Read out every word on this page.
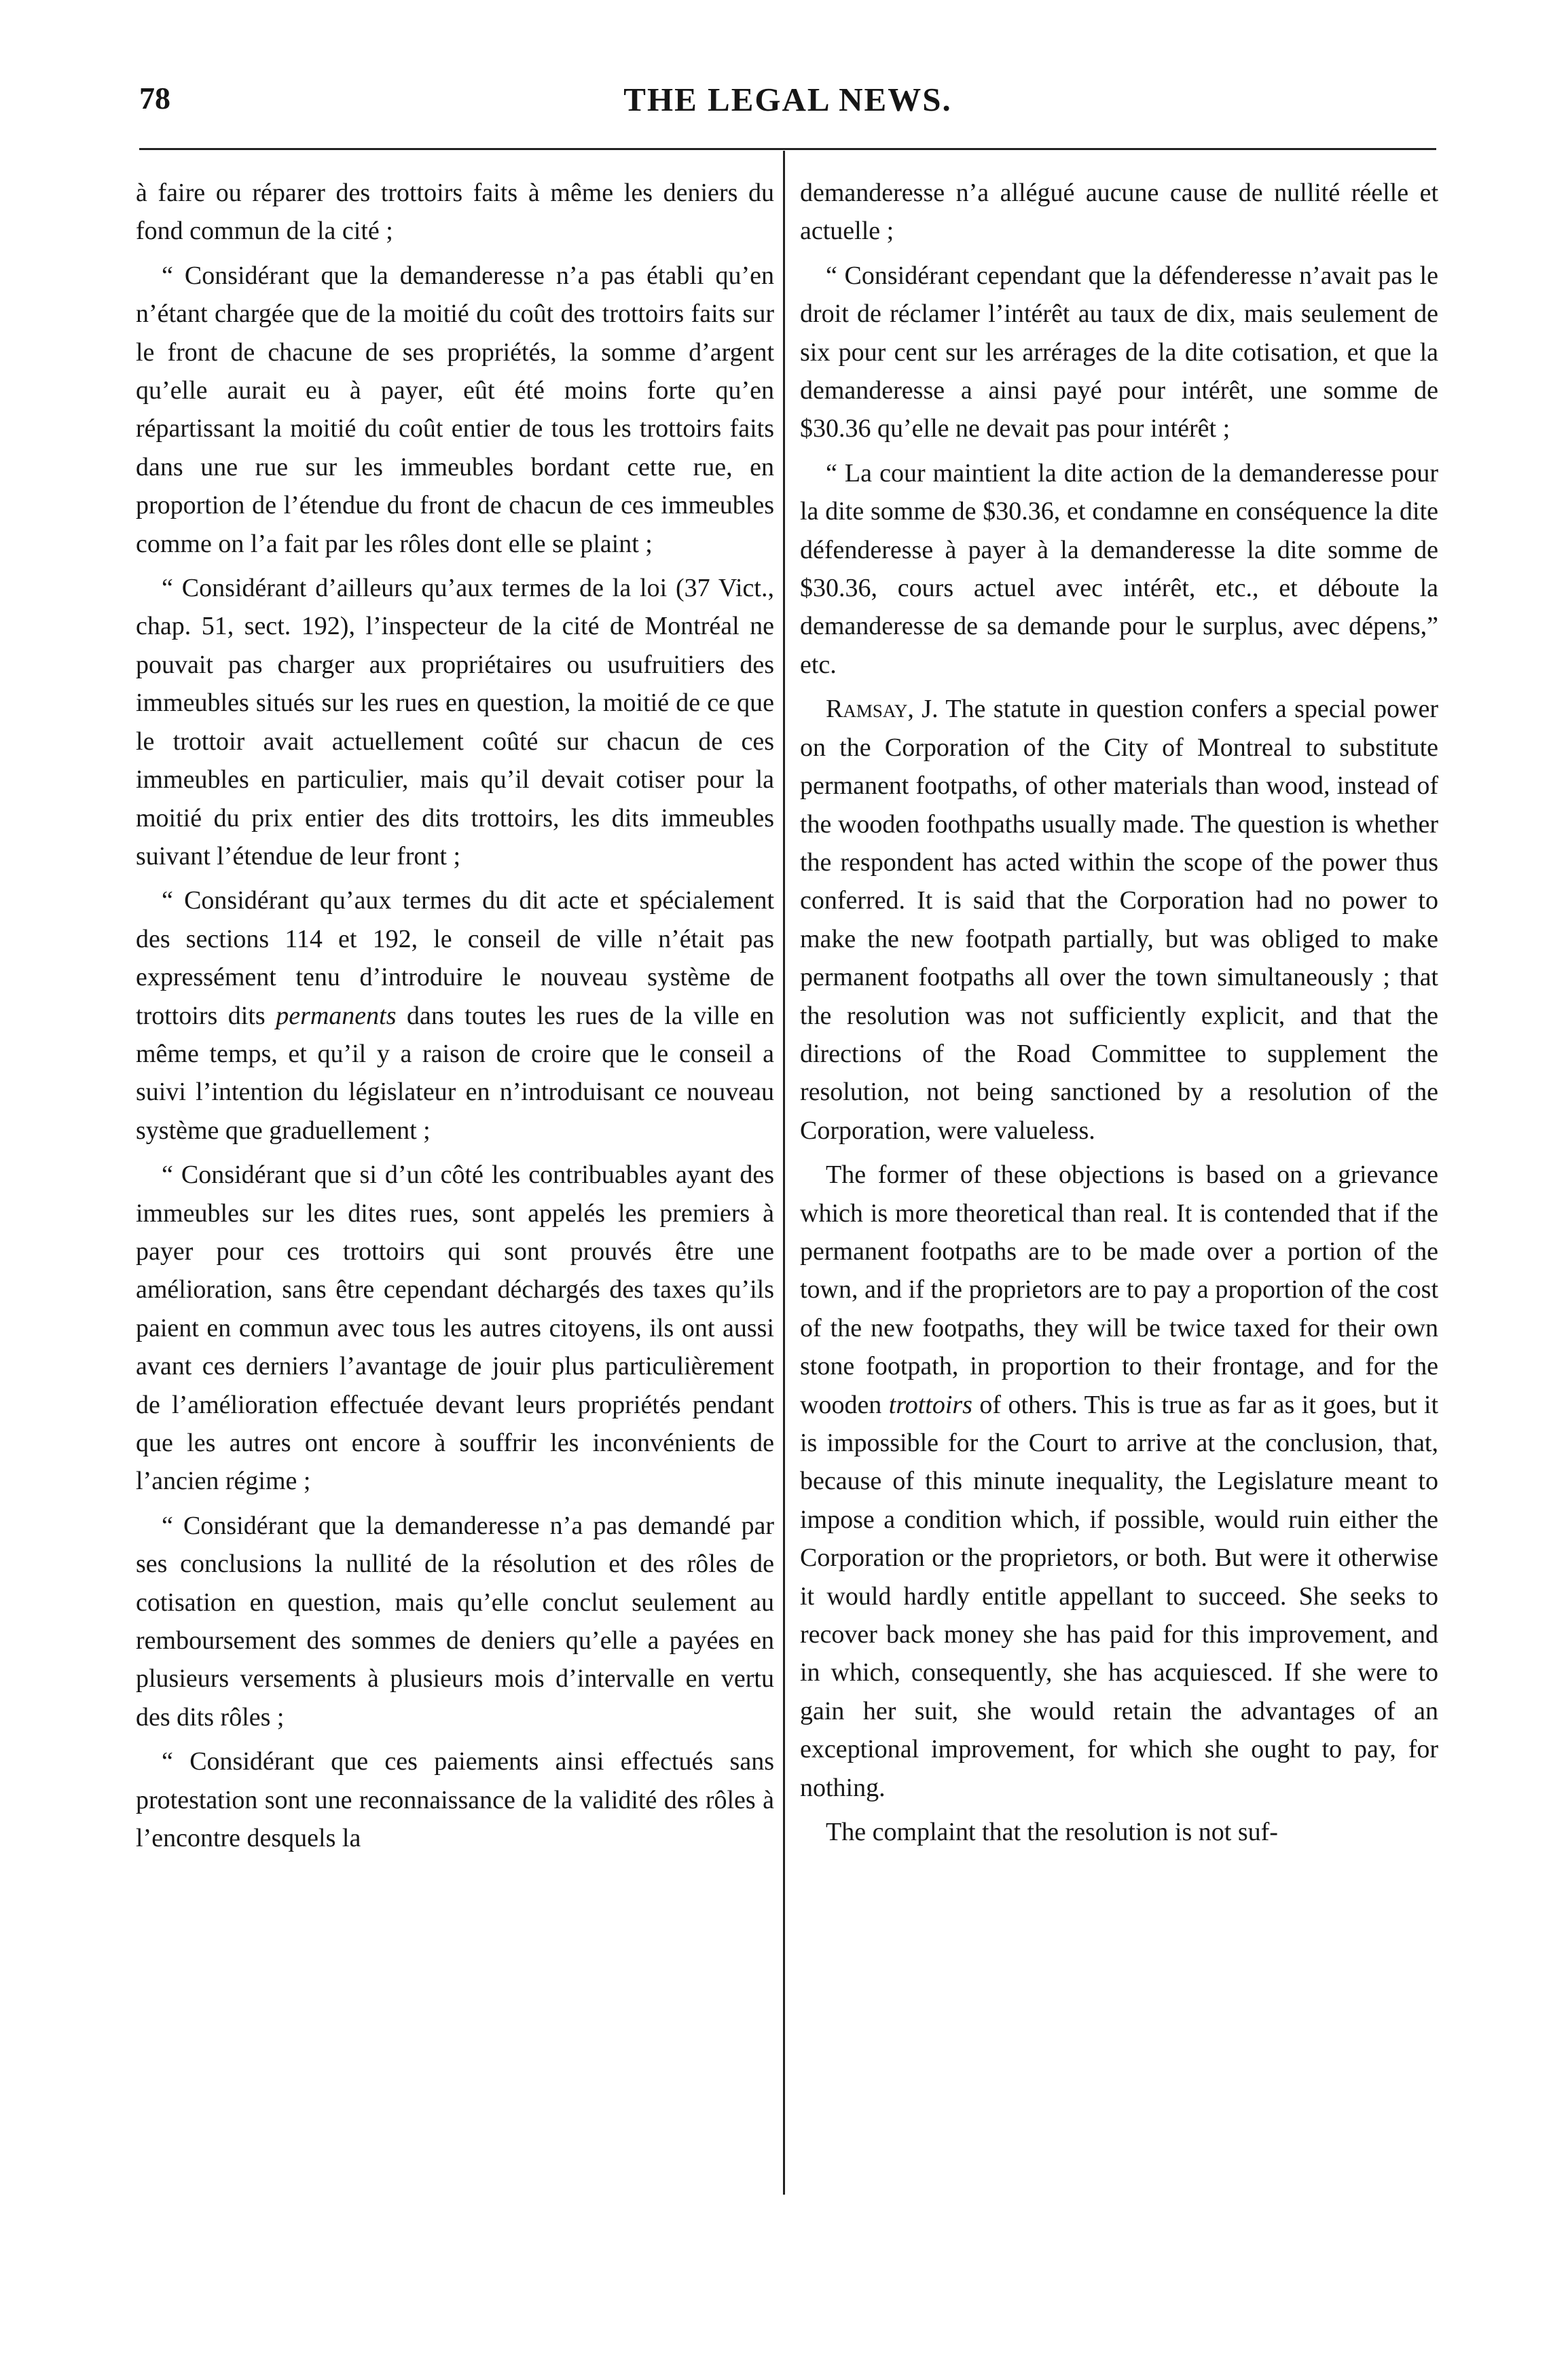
78	THE LEGAL NEWS.

à faire ou réparer des trottoirs faits à même les deniers du fond commun de la cité ;

“ Considérant que la demanderesse n’a pas établi qu’en n’étant chargée que de la moitié du coût des trottoirs faits sur le front de chacune de ses propriétés, la somme d’argent qu’elle aurait eu à payer, eût été moins forte qu’en répartissant la moitié du coût entier de tous les trottoirs faits dans une rue sur les immeubles bordant cette rue, en proportion de l’étendue du front de chacun de ces immeubles comme on l’a fait par les rôles dont elle se plaint ;

“ Considérant d’ailleurs qu’aux termes de la loi (37 Vict., chap. 51, sect. 192), l’inspecteur de la cité de Montréal ne pouvait pas charger aux propriétaires ou usufruitiers des immeubles situés sur les rues en question, la moitié de ce que le trottoir avait actuellement coûté sur chacun de ces immeubles en particulier, mais qu’il devait cotiser pour la moitié du prix entier des dits trottoirs, les dits immeubles suivant l’étendue de leur front ;

“ Considérant qu’aux termes du dit acte et spécialement des sections 114 et 192, le conseil de ville n’était pas expressément tenu d’introduire le nouveau système de trottoirs dits permanents dans toutes les rues de la ville en même temps, et qu’il y a raison de croire que le conseil a suivi l’intention du législateur en n’introduisant ce nouveau système que graduellement ;

“ Considérant que si d’un côté les contribuables ayant des immeubles sur les dites rues, sont appelés les premiers à payer pour ces trottoirs qui sont prouvés être une amélioration, sans être cependant déchargés des taxes qu’ils paient en commun avec tous les autres citoyens, ils ont aussi avant ces derniers l’avantage de jouir plus particulièrement de l’amélioration effectuée devant leurs propriétés pendant que les autres ont encore à souffrir les inconvénients de l’ancien régime ;

“ Considérant que la demanderesse n’a pas demandé par ses conclusions la nullité de la résolution et des rôles de cotisation en question, mais qu’elle conclut seulement au remboursement des sommes de deniers qu’elle a payées en plusieurs versements à plusieurs mois d’intervalle en vertu des dits rôles ;

“ Considérant que ces paiements ainsi effectués sans protestation sont une reconnaissance de la validité des rôles à l’encontre desquels la

demanderesse n’a allégué aucune cause de nullité réelle et actuelle ;

“ Considérant cependant que la défenderesse n’avait pas le droit de réclamer l’intérêt au taux de dix, mais seulement de six pour cent sur les arrérages de la dite cotisation, et que la demanderesse a ainsi payé pour intérêt, une somme de $30.36 qu’elle ne devait pas pour intérêt ;

“ La cour maintient la dite action de la demanderesse pour la dite somme de $30.36, et condamne en conséquence la dite défenderesse à payer à la demanderesse la dite somme de $30.36, cours actuel avec intérêt, etc., et déboute la demanderesse de sa demande pour le surplus, avec dépens,” etc.

Ramsay, J. The statute in question confers a special power on the Corporation of the City of Montreal to substitute permanent footpaths, of other materials than wood, instead of the wooden foothpaths usually made. The question is whether the respondent has acted within the scope of the power thus conferred. It is said that the Corporation had no power to make the new footpath partially, but was obliged to make permanent footpaths all over the town simultaneously ; that the resolution was not sufficiently explicit, and that the directions of the Road Committee to supplement the resolution, not being sanctioned by a resolution of the Corporation, were valueless.

The former of these objections is based on a grievance which is more theoretical than real. It is contended that if the permanent footpaths are to be made over a portion of the town, and if the proprietors are to pay a proportion of the cost of the new footpaths, they will be twice taxed for their own stone footpath, in proportion to their frontage, and for the wooden trottoirs of others. This is true as far as it goes, but it is impossible for the Court to arrive at the conclusion, that, because of this minute inequality, the Legislature meant to impose a condition which, if possible, would ruin either the Corporation or the proprietors, or both. But were it otherwise it would hardly entitle appellant to succeed. She seeks to recover back money she has paid for this improvement, and in which, consequently, she has acquiesced. If she were to gain her suit, she would retain the advantages of an exceptional improvement, for which she ought to pay, for nothing.

The complaint that the resolution is not suf-
